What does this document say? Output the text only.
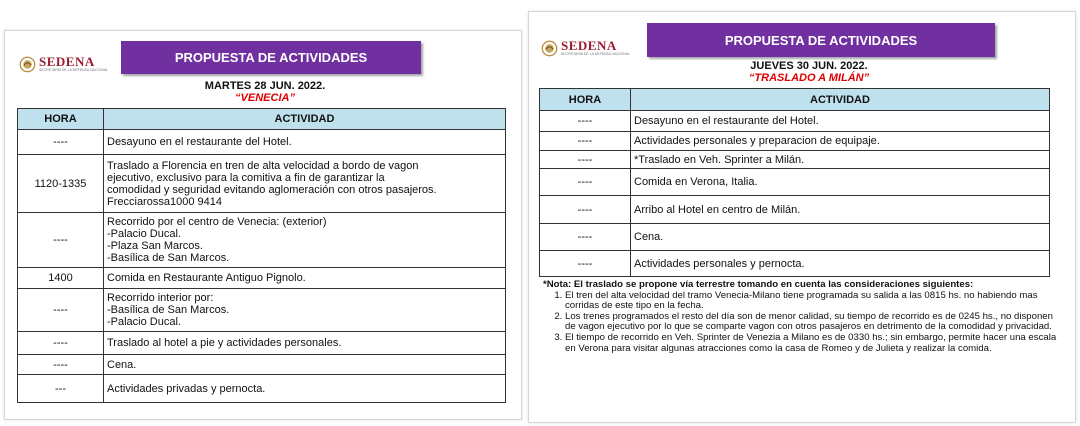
SEDENA
SECRETARÍA DE LA DEFENSA NACIONAL
PROPUESTA DE ACTIVIDADES
MARTES 28 JUN. 2022.
“VENECIA”
HORA	ACTIVIDAD
----	Desayuno en el restaurante del Hotel.

1120-1335	Traslado a Florencia en tren de alta velocidad a bordo de vagon
ejecutivo, exclusivo para la comitiva a fin de garantizar la
comodidad y seguridad evitando aglomeración con otros pasajeros.
Frecciarossa1000 9414

----	Recorrido por el centro de Venecia: (exterior)
-Palacio Ducal.
-Plaza San Marcos.
-Basílica de San Marcos.

1400	Comida en Restaurante Antiguo Pignolo.

----	Recorrido interior por:
-Basílica de San Marcos.
-Palacio Ducal.

----	Traslado al hotel a pie y actividades personales.

----	Cena.

---	Actividades privadas y pernocta.
SEDENA
SECRETARÍA DE LA DEFENSA NACIONAL
PROPUESTA DE ACTIVIDADES
JUEVES 30 JUN. 2022.
“TRASLADO A MILÁN”
HORA	ACTIVIDAD
----	Desayuno en el restaurante del Hotel.
----	Actividades personales y preparacion de equipaje.
----	*Traslado en Veh. Sprinter a Milán.
----	Comida en Verona, Italia.
----	Arribo al Hotel en centro de Milán.
----	Cena.
----	Actividades personales y pernocta.
*Nota: El traslado se propone vía terrestre tomando en cuenta las consideraciones siguientes:
1. El tren del alta velocidad del tramo Venecia-Milano tiene programada su salida a las 0815 hs. no habiendo mas corridas de este tipo en la fecha.
2. Los trenes programados el resto del día son de menor calidad, su tiempo de recorrido es de 0245 hs., no disponen de vagon ejecutivo por lo que se comparte vagon con otros pasajeros en detrimento de la comodidad y privacidad.
3. El tiempo de recorrido en Veh. Sprinter de Venezia a Milano es de 0330 hs.; sin embargo, permite hacer una escala en Verona para visitar algunas atracciones como la casa de Romeo y de Julieta y realizar la comida.
